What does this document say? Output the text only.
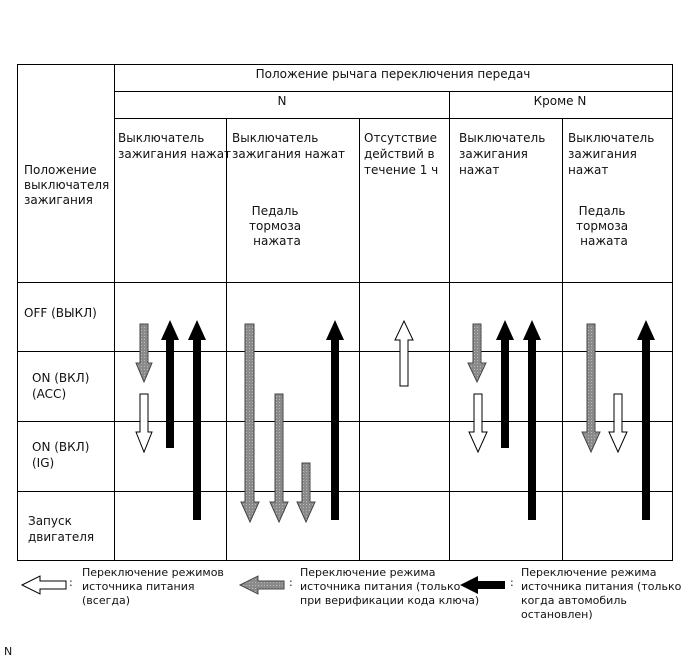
Положение рычага переключения передач
N	Кроме N
Положение выключателя зажигания
Выключатель зажигания нажат
Выключатель зажигания нажат
Педаль тормоза нажата
Отсутствие действий в течение 1 ч
Выключатель зажигания нажат
Выключатель зажигания нажат
Педаль тормоза нажата
OFF (ВЫКЛ)
ON (ВКЛ) (ACC)
ON (ВКЛ) (IG)
Запуск двигателя
:
Переключение режимов источника питания (всегда)
:
Переключение режима источника питания (только при верификации кода ключа)
:
Переключение режима источника питания (только когда автомобиль остановлен)
N
